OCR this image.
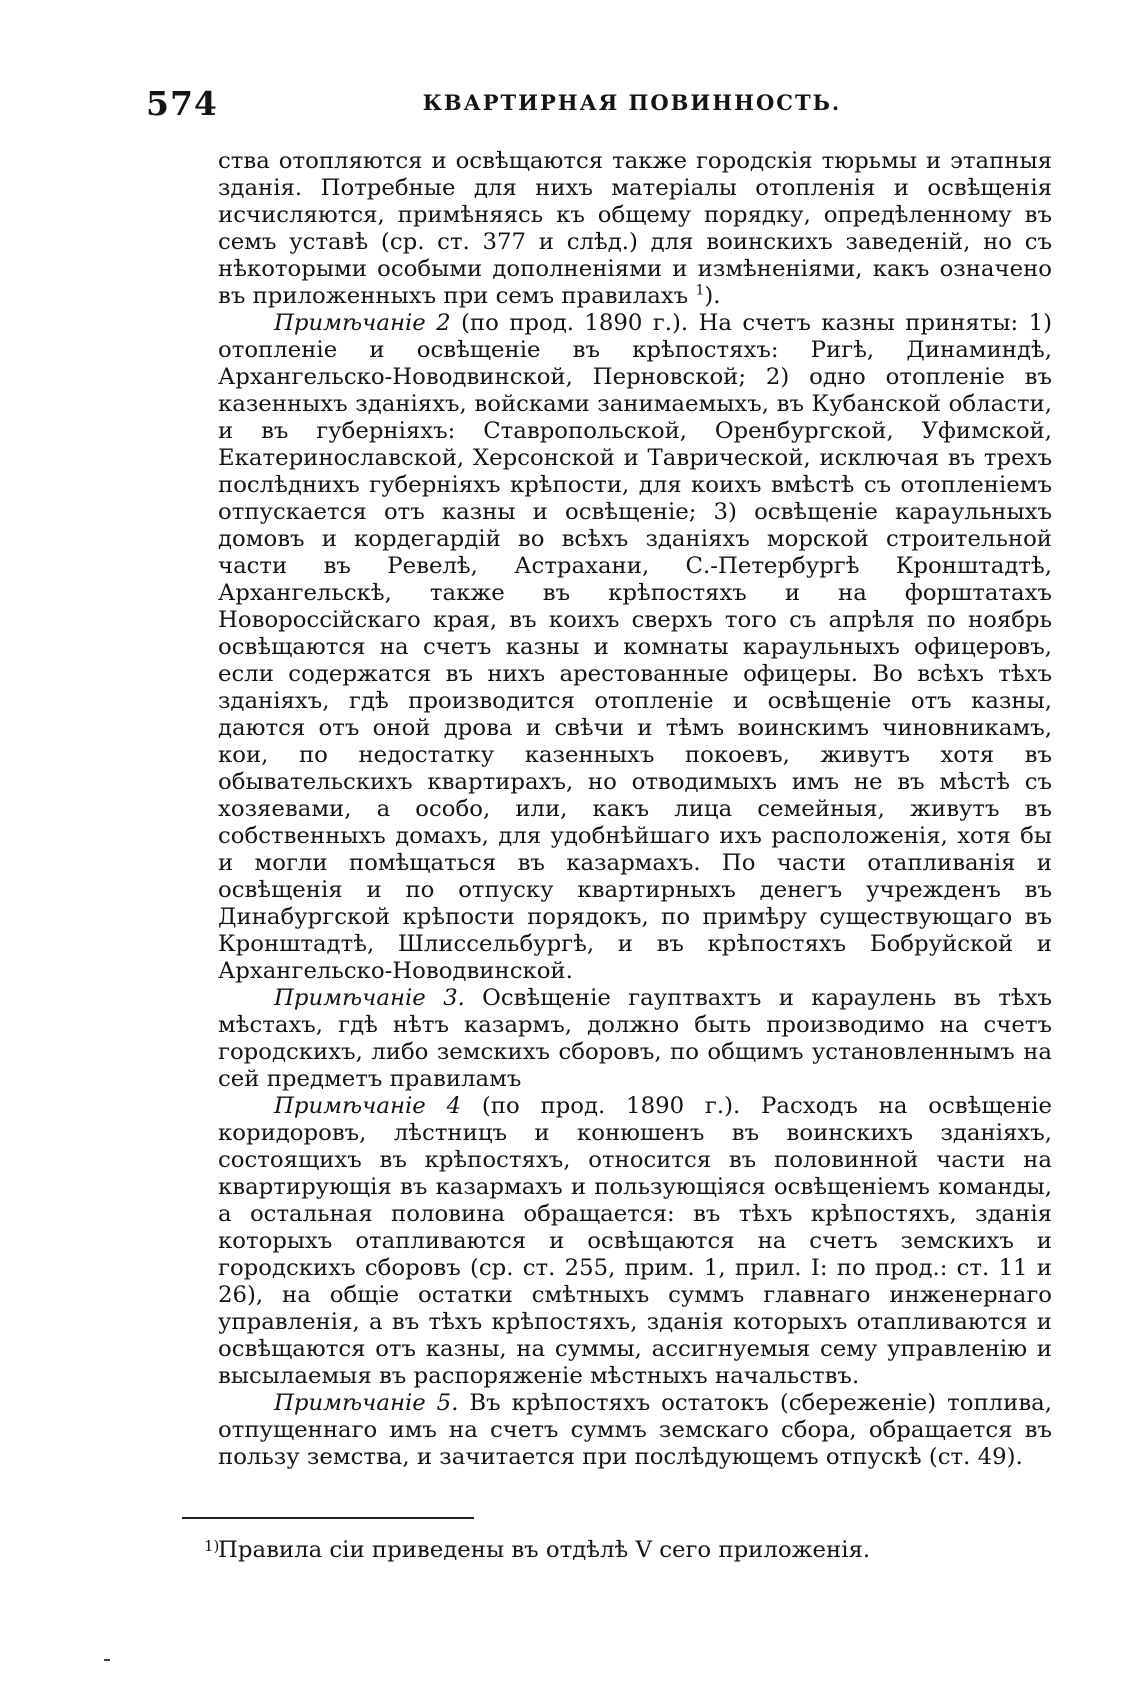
574	КВАРТИРНАЯ ПОВИННОСТЬ.

ства отопляются и освѣщаются также городскія тюрьмы и этапныя зданія. Потребные для нихъ матеріалы отопленія и освѣщенія исчисляются, примѣняясь къ общему порядку, опредѣленному въ семъ уставѣ (ср. ст. 377 и слѣд.) для воинскихъ заведеній, но съ нѣкоторыми особыми дополненіями и измѣненіями, какъ означено въ приложенныхъ при семъ правилахъ $^1$).

Примѣчаніе 2 (по прод. 1890 г.). На счетъ казны приняты: 1) отопленіе и освѣщеніе въ крѣпостяхъ: Ригѣ, Динаминдѣ, Архангельско-Новодвинской, Перновской; 2) одно отопленіе въ казенныхъ зданіяхъ, войсками занимаемыхъ, въ Кубанской области, и въ губерніяхъ: Ставропольской, Оренбургской, Уфимской, Екатеринославской, Херсонской и Таврической, исключая въ трехъ послѣднихъ губерніяхъ крѣпости, для коихъ вмѣстѣ съ отопленіемъ отпускается отъ казны и освѣщеніе; 3) освѣщеніе караульныхъ домовъ и кордегардій во всѣхъ зданіяхъ морской строительной части въ Ревелѣ, Астрахани, С.-Петербургѣ Кронштадтѣ, Архангельскѣ, также въ крѣпостяхъ и на форштатахъ Новороссійскаго края, въ коихъ сверхъ того съ апрѣля по ноябрь освѣщаются на счетъ казны и комнаты караульныхъ офицеровъ, если содержатся въ нихъ арестованные офицеры. Во всѣхъ тѣхъ зданіяхъ, гдѣ производится отопленіе и освѣщеніе отъ казны, даются отъ оной дрова и свѣчи и тѣмъ воинскимъ чиновникамъ, кои, по недостатку казенныхъ покоевъ, живутъ хотя въ обывательскихъ квартирахъ, но отводимыхъ имъ не въ мѣстѣ съ хозяевами, а особо, или, какъ лица семейныя, живутъ въ собственныхъ домахъ, для удобнѣйшаго ихъ расположенія, хотя бы и могли помѣщаться въ казармахъ. По части отапливанія и освѣщенія и по отпуску квартирныхъ денегъ учрежденъ въ Динабургской крѣпости порядокъ, по примѣру существующаго въ Кронштадтѣ, Шлиссельбургѣ, и въ крѣпостяхъ Бобруйской и Архангельско-Новодвинской.

Примѣчаніе 3. Освѣщеніе гауптвахтъ и караулень въ тѣхъ мѣстахъ, гдѣ нѣтъ казармъ, должно быть производимо на счетъ городскихъ, либо земскихъ сборовъ, по общимъ установленнымъ на сей предметъ правиламъ

Примѣчаніе 4 (по прод. 1890 г.). Расходъ на освѣщеніе коридоровъ, лѣстницъ и конюшенъ въ воинскихъ зданіяхъ, состоящихъ въ крѣпостяхъ, относится въ половинной части на квартирующія въ казармахъ и пользующіяся освѣщеніемъ команды, а остальная половина обращается: въ тѣхъ крѣпостяхъ, зданія которыхъ отапливаются и освѣщаются на счетъ земскихъ и городскихъ сборовъ (ср. ст. 255, прим. 1, прил. I: по прод.: ст. 11 и 26), на общіе остатки смѣтныхъ суммъ главнаго инженернаго управленія, а въ тѣхъ крѣпостяхъ, зданія которыхъ отапливаются и освѣщаются отъ казны, на суммы, ассигнуемыя сему управленію и высылаемыя въ распоряженіе мѣстныхъ начальствъ.

Примѣчаніе 5. Въ крѣпостяхъ остатокъ (сбереженіе) топлива, отпущеннаго имъ на счетъ суммъ земскаго сбора, обращается въ пользу земства, и зачитается при послѣдующемъ отпускѣ (ст. 49).

1)
Правила сіи приведены въ отдѣлѣ V сего приложенія.
